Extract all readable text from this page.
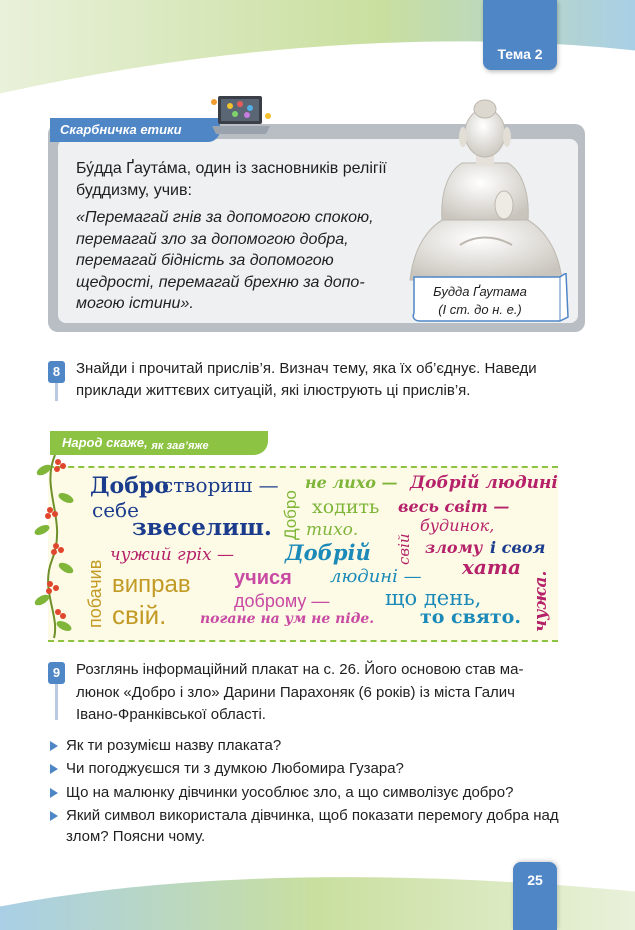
Тема 2
Скарбничка етики

Бу́дда Ґаута́ма, один із засновників релігії буддизму, учив:

«Перемагай гнів за допомогою спокою, перемагай зло за допомогою добра, перемагай бідність за допомогою щедрості, перемагай брехню за допомогою істини».

Будда Ґаутама
(І ст. до н. е.)
8	Знайди і прочитай прислів’я. Визнач тему, яка їх об’єднує. Наведи приклади життєвих ситуацій, які ілюструють ці прислів’я.

Народ скаже, як зав’яже
Добро
створиш —
себе
звеселиш. Добро
не лихо —
ходить
тихо.
Добрій людині
весь світ —
будинок,
свій
чужий гріх — Добрій
людині —
що день,
то свято.
злому і своя
хата
чужа.
побачив виправ
свій.
учися
доброму —
погане на ум не піде.
9	Розглянь інформаційний плакат на с. 26. Його основою став малюнок «Добро і зло» Дарини Парахоняк (6 років) із міста Галич Івано-Франківської області.

Як ти розумієш назву плаката?

Чи погоджуєшся ти з думкою Любомира Гузара?

Що на малюнку дівчинки уособлює зло, а що символізує добро?

Який символ використала дівчинка, щоб показати перемогу добра над злом? Поясни чому.

25
